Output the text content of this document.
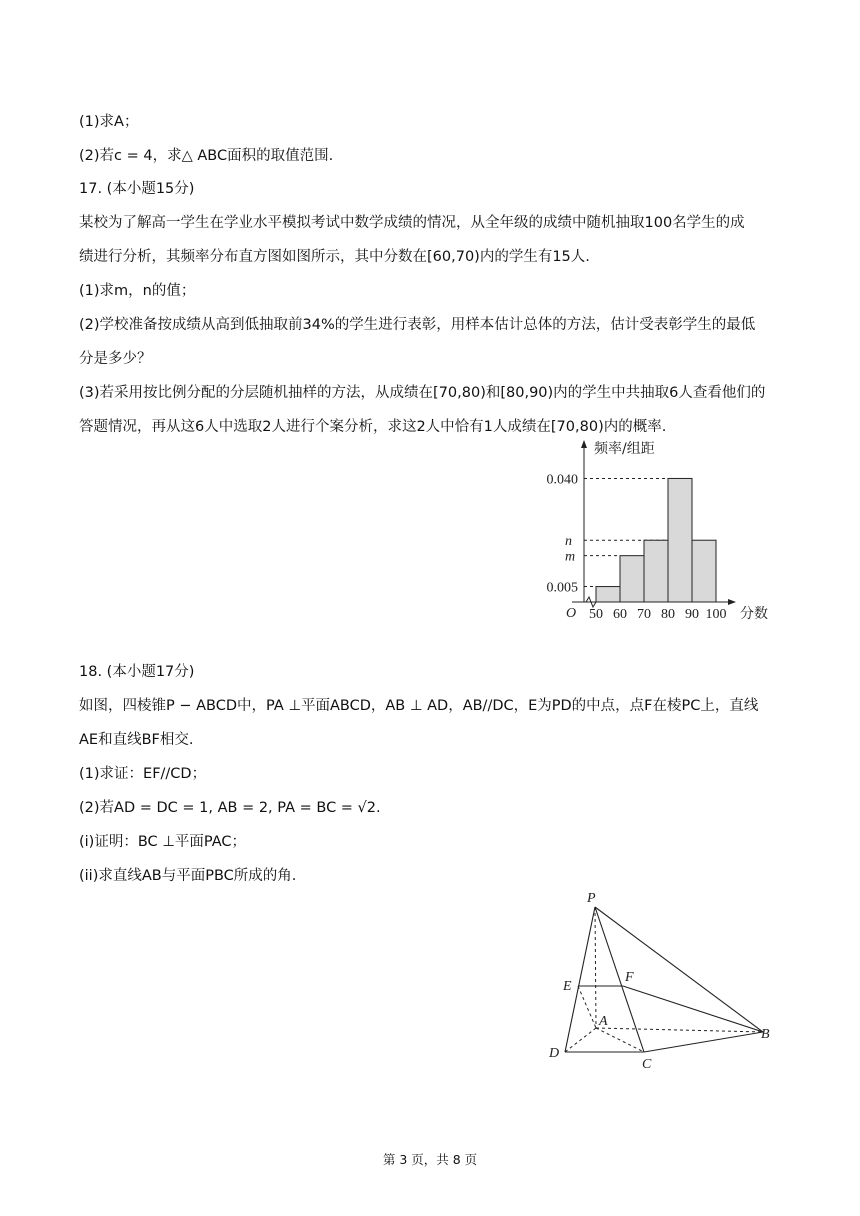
(1)求A；
(2)若c = 4，求△ ABC面积的取值范围.
17. (本小题15分)
某校为了解高一学生在学业水平模拟考试中数学成绩的情况，从全年级的成绩中随机抽取100名学生的成
绩进行分析，其频率分布直方图如图所示，其中分数在[60,70)内的学生有15人.
(1)求m，n的值；
(2)学校准备按成绩从高到低抽取前34%的学生进行表彰，用样本估计总体的方法，估计受表彰学生的最低
分是多少？
(3)若采用按比例分配的分层随机抽样的方法，从成绩在[70,80)和[80,90)内的学生中共抽取6人查看他们的
答题情况，再从这6人中选取2人进行个案分析，求这2人中恰有1人成绩在[70,80)内的概率.
频率/组距
分数
O 50 60 70 80 90 100
0.040
n
m
0.005
18. (本小题17分)
如图，四棱锥P − ABCD中，PA ⊥平面ABCD，AB ⊥ AD，AB//DC，E为PD的中点，点F在棱PC上，直线
AE和直线BF相交.
(1)求证：EF//CD；
(2)若AD = DC = 1, AB = 2, PA = BC = √2.
(i)证明：BC ⊥平面PAC；
(ii)求直线AB与平面PBC所成的角.
P
E
F
A
B
C
D
第 3 页，共 8 页
